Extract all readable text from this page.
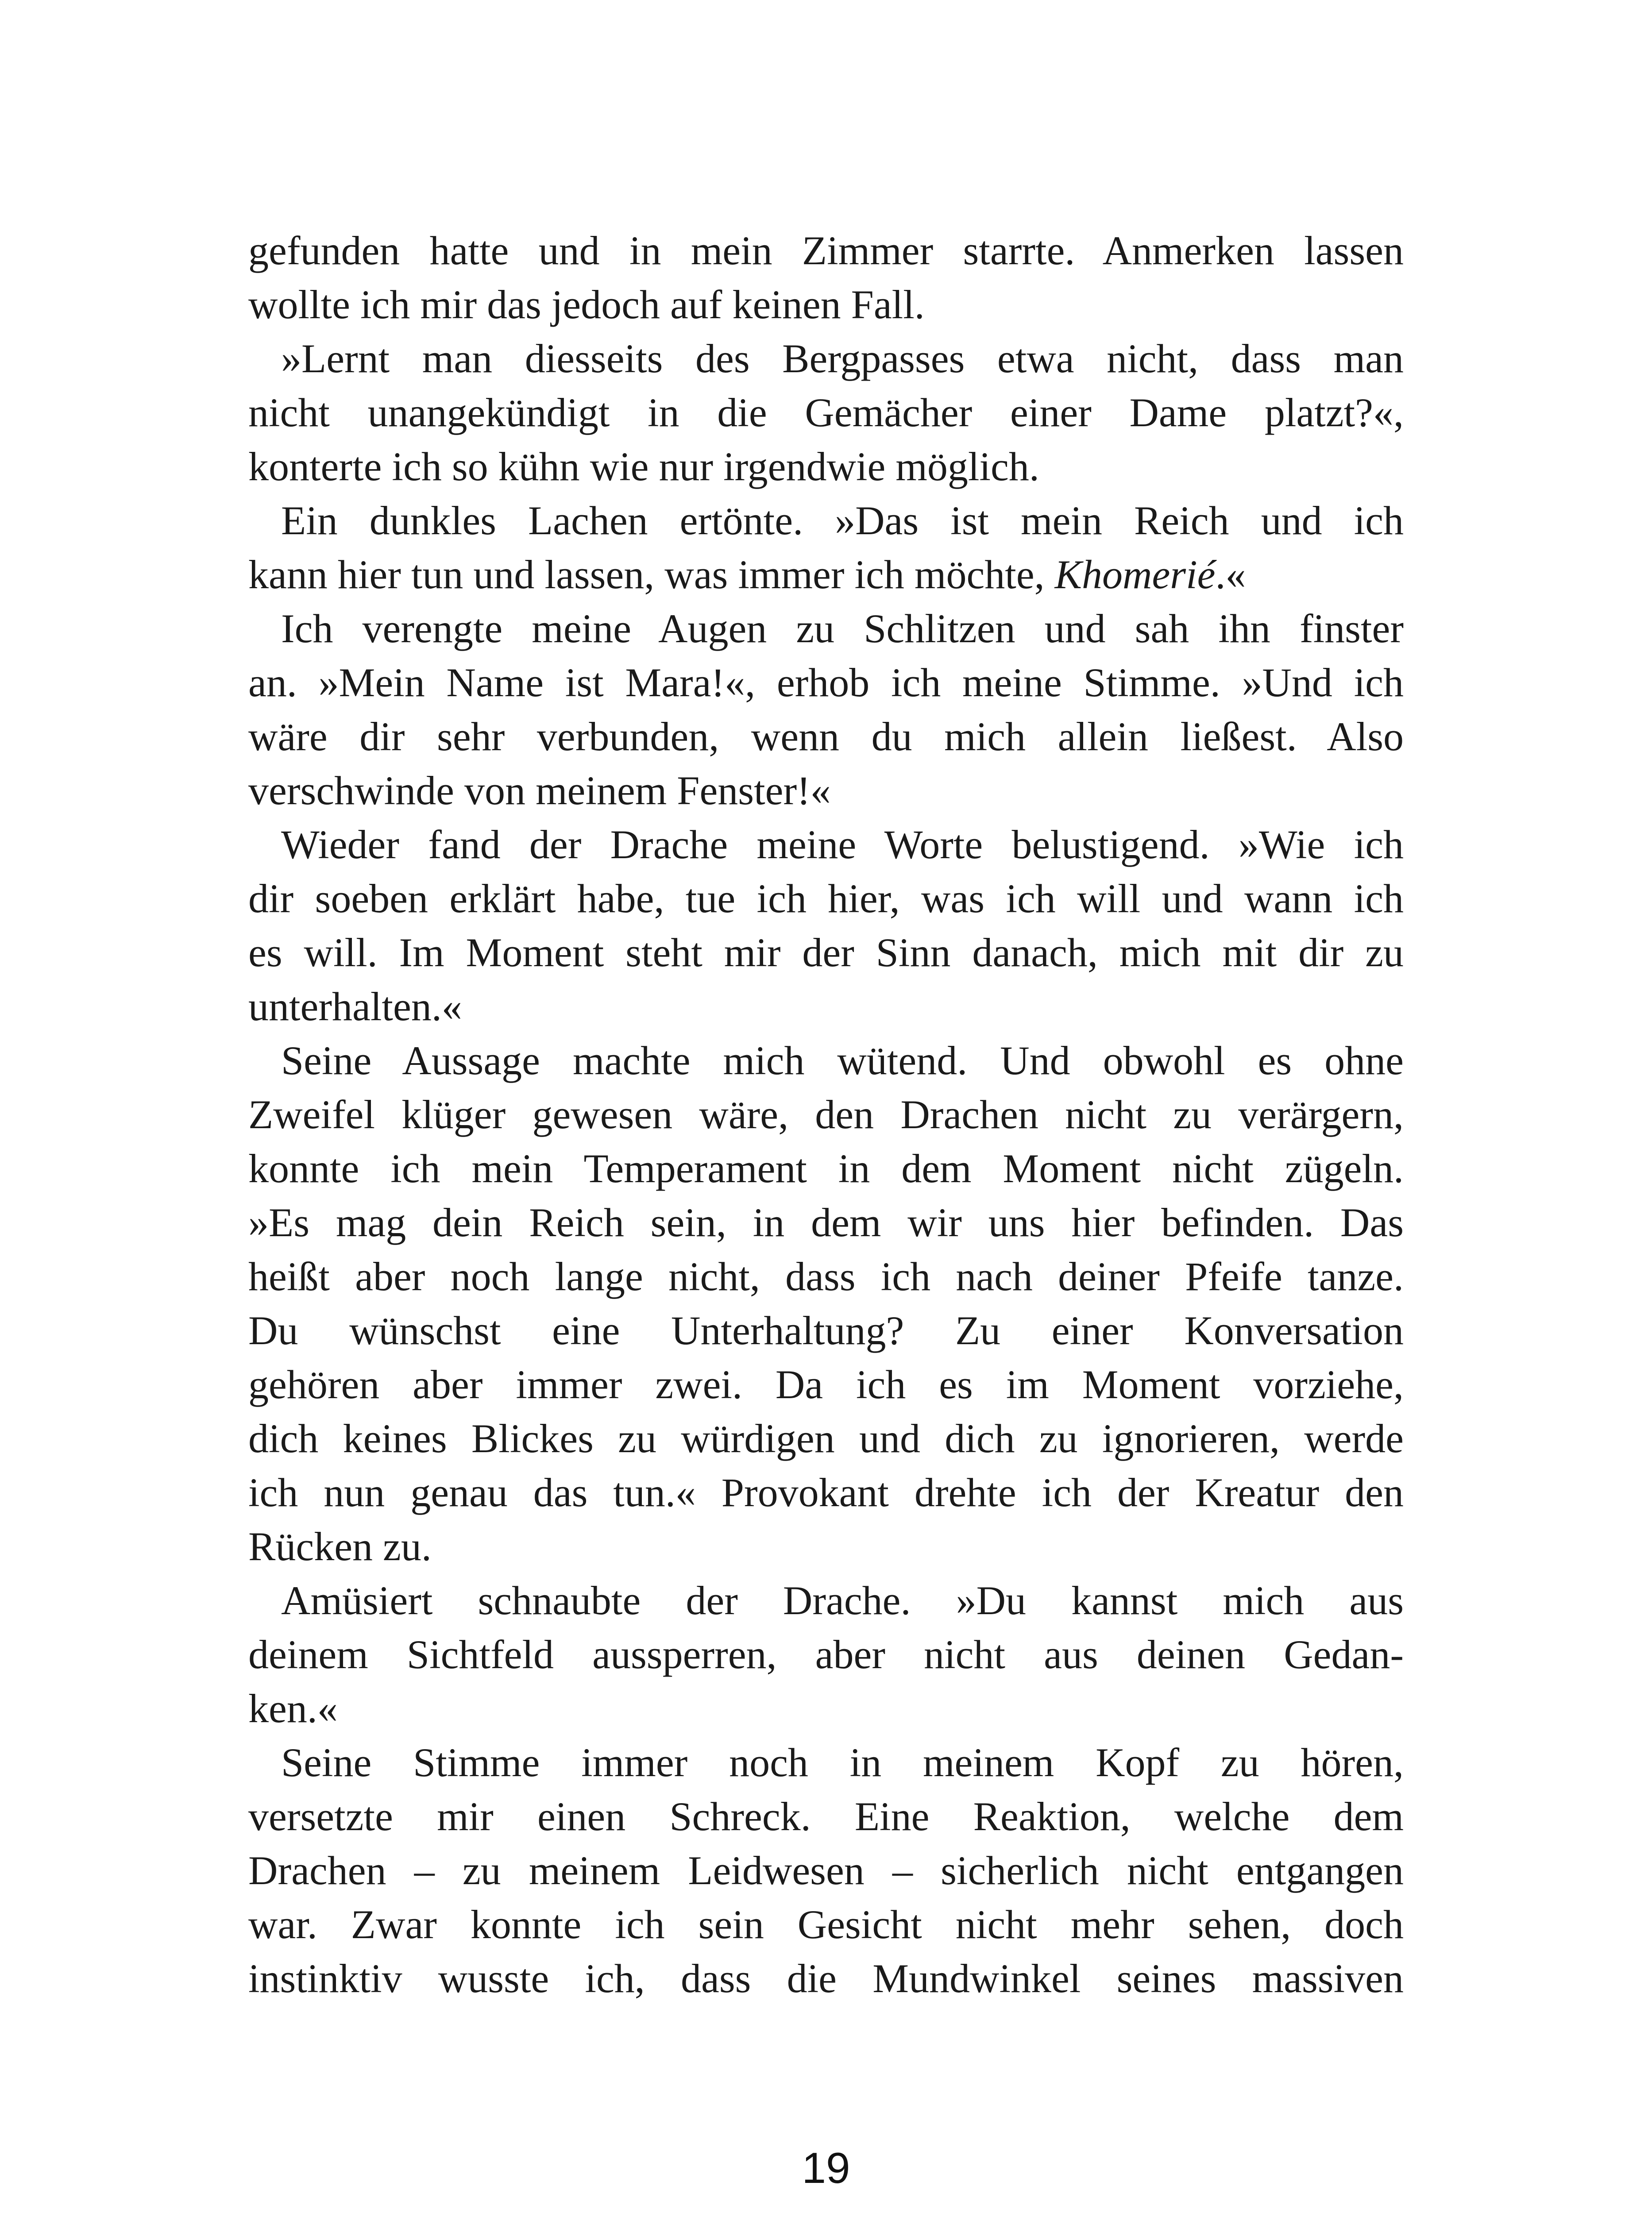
gefunden hatte und in mein Zimmer starrte. Anmerken lassen
wollte ich mir das jedoch auf keinen Fall.
»Lernt man diesseits des Bergpasses etwa nicht, dass man
nicht unangekündigt in die Gemächer einer Dame platzt?«,
konterte ich so kühn wie nur irgendwie möglich.
Ein dunkles Lachen ertönte. »Das ist mein Reich und ich
kann hier tun und lassen, was immer ich möchte, Khomerié.«
Ich verengte meine Augen zu Schlitzen und sah ihn finster
an. »Mein Name ist Mara!«, erhob ich meine Stimme. »Und ich
wäre dir sehr verbunden, wenn du mich allein ließest. Also
verschwinde von meinem Fenster!«
Wieder fand der Drache meine Worte belustigend. »Wie ich
dir soeben erklärt habe, tue ich hier, was ich will und wann ich
es will. Im Moment steht mir der Sinn danach, mich mit dir zu
unterhalten.«
Seine Aussage machte mich wütend. Und obwohl es ohne
Zweifel klüger gewesen wäre, den Drachen nicht zu verärgern,
konnte ich mein Temperament in dem Moment nicht zügeln.
»Es mag dein Reich sein, in dem wir uns hier befinden. Das
heißt aber noch lange nicht, dass ich nach deiner Pfeife tanze.
Du wünschst eine Unterhaltung? Zu einer Konversation
gehören aber immer zwei. Da ich es im Moment vorziehe,
dich keines Blickes zu würdigen und dich zu ignorieren, werde
ich nun genau das tun.« Provokant drehte ich der Kreatur den
Rücken zu.
Amüsiert schnaubte der Drache. »Du kannst mich aus
deinem Sichtfeld aussperren, aber nicht aus deinen Gedan-
ken.«
Seine Stimme immer noch in meinem Kopf zu hören,
versetzte mir einen Schreck. Eine Reaktion, welche dem
Drachen – zu meinem Leidwesen – sicherlich nicht entgangen
war. Zwar konnte ich sein Gesicht nicht mehr sehen, doch
instinktiv wusste ich, dass die Mundwinkel seines massiven
19
